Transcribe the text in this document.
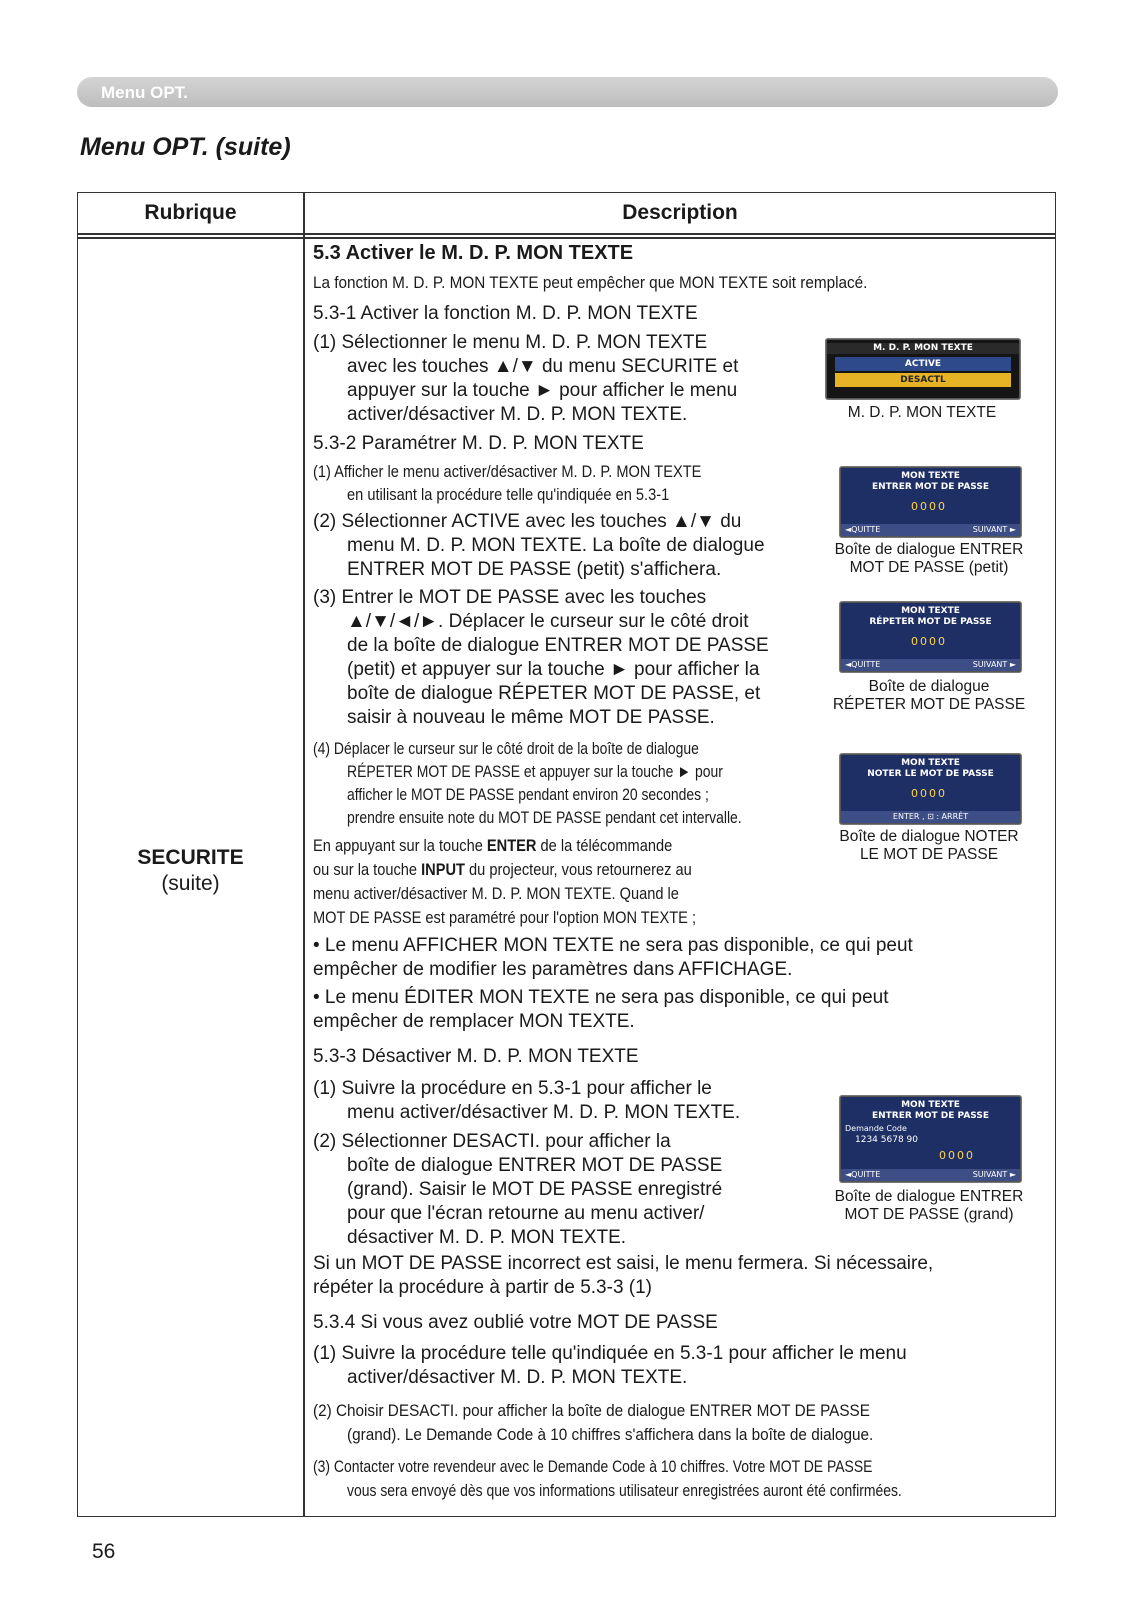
Menu OPT.
Menu OPT. (suite)
Rubrique	Description
SECURITE
(suite)
5.3 Activer le M. D. P. MON TEXTE
La fonction M. D. P. MON TEXTE peut empêcher que MON TEXTE soit remplacé.
5.3-1 Activer la fonction M. D. P. MON TEXTE
(1) Sélectionner le menu M. D. P. MON TEXTE
avec les touches ▲/▼ du menu SECURITE et
appuyer sur la touche ► pour afficher le menu
activer/désactiver M. D. P. MON TEXTE.
5.3-2 Paramétrer M. D. P. MON TEXTE
(1) Afficher le menu activer/désactiver M. D. P. MON TEXTE
en utilisant la procédure telle qu'indiquée en 5.3-1
(2) Sélectionner ACTIVE avec les touches ▲/▼ du
menu M. D. P. MON TEXTE. La boîte de dialogue
ENTRER MOT DE PASSE (petit) s'affichera.
(3) Entrer le MOT DE PASSE avec les touches
▲/▼/◄/►. Déplacer le curseur sur le côté droit
de la boîte de dialogue ENTRER MOT DE PASSE
(petit) et appuyer sur la touche ► pour afficher la
boîte de dialogue RÉPETER MOT DE PASSE, et
saisir à nouveau le même MOT DE PASSE.
(4) Déplacer le curseur sur le côté droit de la boîte de dialogue
RÉPETER MOT DE PASSE et appuyer sur la touche ► pour
afficher le MOT DE PASSE pendant environ 20 secondes ;
prendre ensuite note du MOT DE PASSE pendant cet intervalle.
En appuyant sur la touche ENTER de la télécommande
ou sur la touche INPUT du projecteur, vous retournerez au
menu activer/désactiver M. D. P. MON TEXTE. Quand le
MOT DE PASSE est paramétré pour l'option MON TEXTE ;
• Le menu AFFICHER MON TEXTE ne sera pas disponible, ce qui peut
empêcher de modifier les paramètres dans AFFICHAGE.
• Le menu ÉDITER MON TEXTE ne sera pas disponible, ce qui peut
empêcher de remplacer MON TEXTE.
5.3-3 Désactiver M. D. P. MON TEXTE
(1) Suivre la procédure en 5.3-1 pour afficher le
menu activer/désactiver M. D. P. MON TEXTE.
(2) Sélectionner DESACTI. pour afficher la
boîte de dialogue ENTRER MOT DE PASSE
(grand). Saisir le MOT DE PASSE enregistré
pour que l'écran retourne au menu activer/
désactiver M. D. P. MON TEXTE.
Si un MOT DE PASSE incorrect est saisi, le menu fermera. Si nécessaire,
répéter la procédure à partir de 5.3-3 (1)
5.3.4 Si vous avez oublié votre MOT DE PASSE
(1) Suivre la procédure telle qu'indiquée en 5.3-1 pour afficher le menu
activer/désactiver M. D. P. MON TEXTE.
(2) Choisir DESACTI. pour afficher la boîte de dialogue ENTRER MOT DE PASSE
(grand). Le Demande Code à 10 chiffres s'affichera dans la boîte de dialogue.
(3) Contacter votre revendeur avec le Demande Code à 10 chiffres. Votre MOT DE PASSE
vous sera envoyé dès que vos informations utilisateur enregistrées auront été confirmées.
M. D. P. MON TEXTE
ACTIVE
DESACTL
M. D. P. MON TEXTE
MON TEXTE
ENTRER MOT DE PASSE
0000
◄QUITTE	SUIVANT ►
Boîte de dialogue ENTRER
MOT DE PASSE (petit)
MON TEXTE
RÉPETER MOT DE PASSE
0000
◄QUITTE	SUIVANT ►
Boîte de dialogue
RÉPETER MOT DE PASSE
MON TEXTE
NOTER LE MOT DE PASSE
0000
ENTER , ⊡ : ARRÊT
Boîte de dialogue NOTER
LE MOT DE PASSE
MON TEXTE
ENTRER MOT DE PASSE
Demande Code
1234 5678 90
0000
◄QUITTE	SUIVANT ►
Boîte de dialogue ENTRER
MOT DE PASSE (grand)
56
